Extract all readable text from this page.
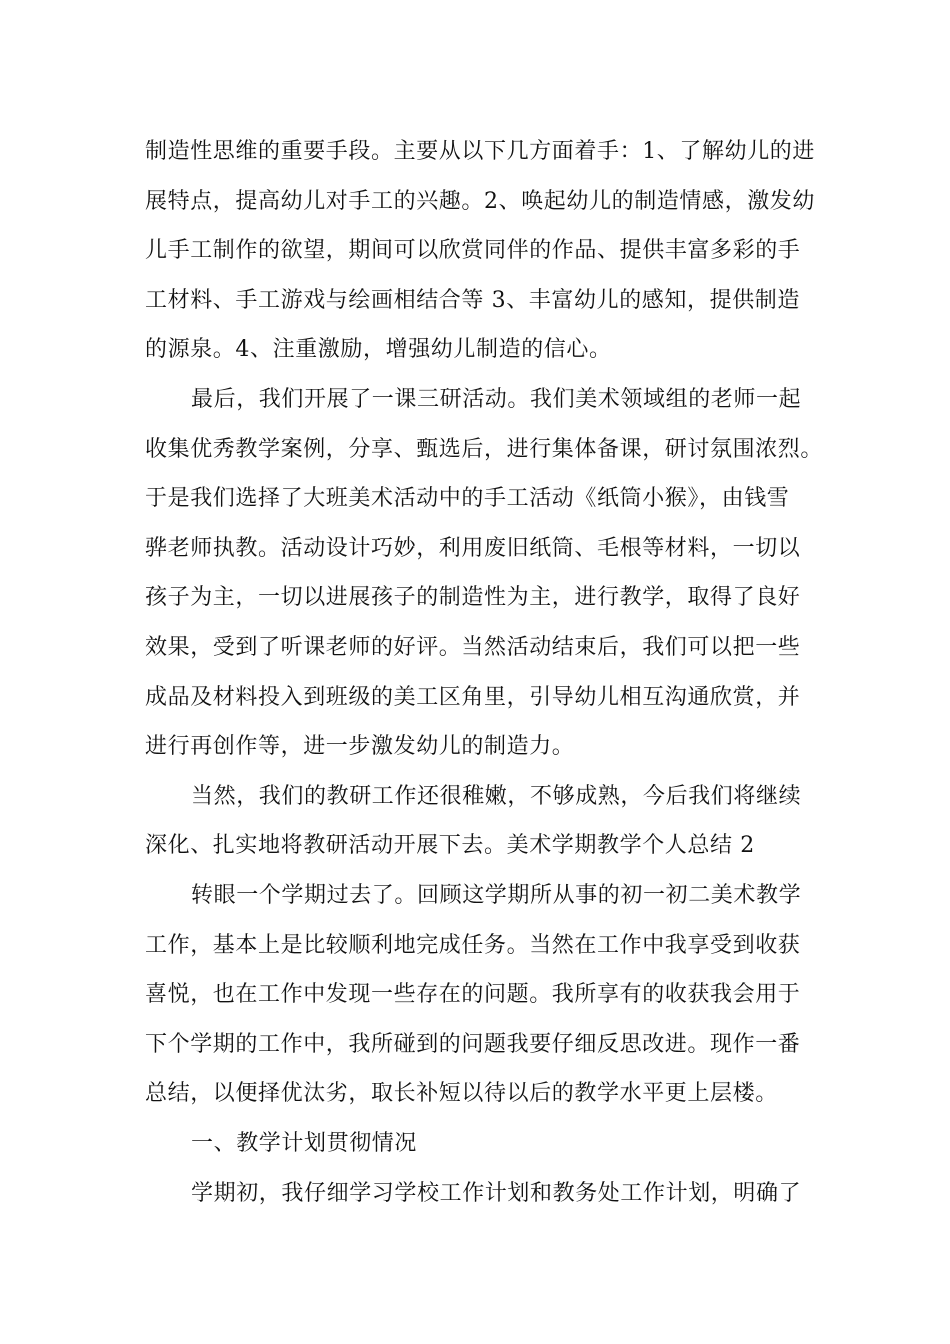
制造性思维的重要手段。主要从以下几方面着手：1、了解幼儿的进
展特点，提高幼儿对手工的兴趣。2、唤起幼儿的制造情感，激发幼
儿手工制作的欲望，期间可以欣赏同伴的作品、提供丰富多彩的手
工材料、手工游戏与绘画相结合等 3、丰富幼儿的感知，提供制造
的源泉。4、注重激励，增强幼儿制造的信心。
最后，我们开展了一课三研活动。我们美术领域组的老师一起
收集优秀教学案例，分享、甄选后，进行集体备课，研讨氛围浓烈。
于是我们选择了大班美术活动中的手工活动《纸筒小猴》，由钱雪
骅老师执教。活动设计巧妙，利用废旧纸筒、毛根等材料，一切以
孩子为主，一切以进展孩子的制造性为主，进行教学，取得了良好
效果，受到了听课老师的好评。当然活动结束后，我们可以把一些
成品及材料投入到班级的美工区角里，引导幼儿相互沟通欣赏，并
进行再创作等，进一步激发幼儿的制造力。
当然，我们的教研工作还很稚嫩，不够成熟，今后我们将继续
深化、扎实地将教研活动开展下去。美术学期教学个人总结 2
转眼一个学期过去了。回顾这学期所从事的初一初二美术教学
工作，基本上是比较顺利地完成任务。当然在工作中我享受到收获
喜悦，也在工作中发现一些存在的问题。我所享有的收获我会用于
下个学期的工作中，我所碰到的问题我要仔细反思改进。现作一番
总结，以便择优汰劣，取长补短以待以后的教学水平更上层楼。
一、教学计划贯彻情况
学期初，我仔细学习学校工作计划和教务处工作计划，明确了
